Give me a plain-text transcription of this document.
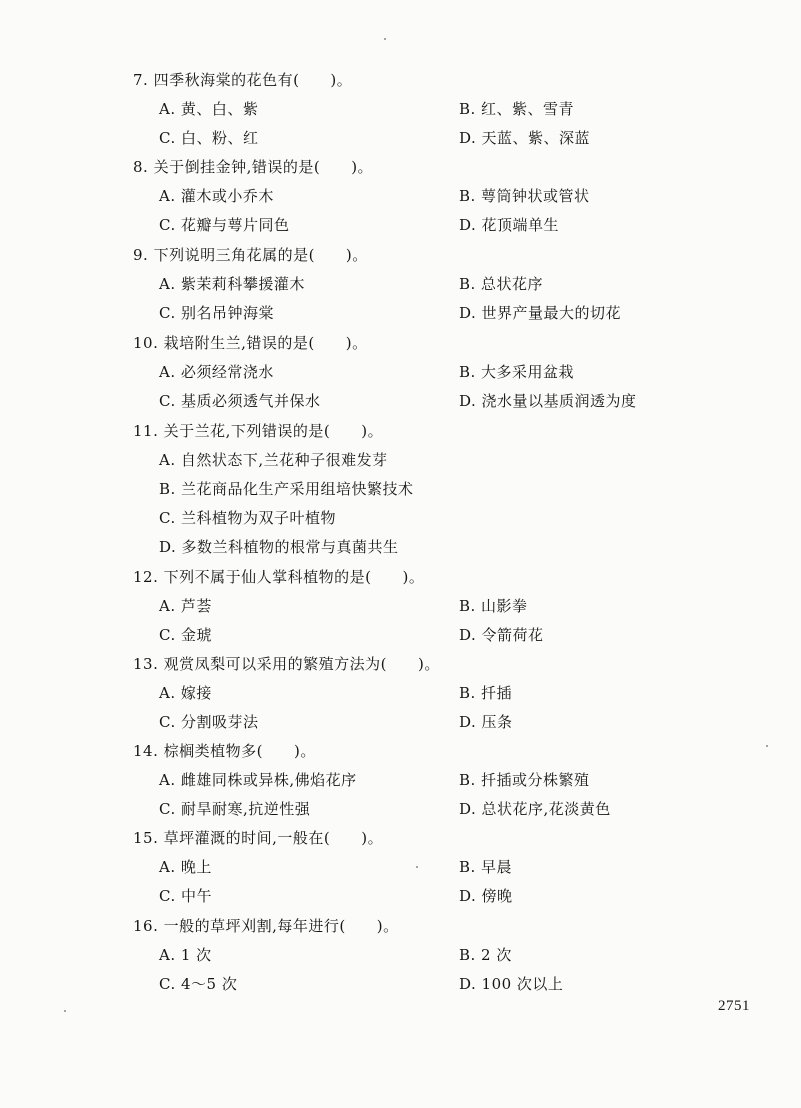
7. 四季秋海棠的花色有(　　)。
A. 黄、白、紫	B. 红、紫、雪青
C. 白、粉、红	D. 天蓝、紫、深蓝
8. 关于倒挂金钟,错误的是(　　)。
A. 灌木或小乔木	B. 萼筒钟状或管状
C. 花瓣与萼片同色	D. 花顶端单生
9. 下列说明三角花属的是(　　)。
A. 紫茉莉科攀援灌木	B. 总状花序
C. 别名吊钟海棠	D. 世界产量最大的切花
10. 栽培附生兰,错误的是(　　)。
A. 必须经常浇水	B. 大多采用盆栽
C. 基质必须透气并保水	D. 浇水量以基质润透为度
11. 关于兰花,下列错误的是(　　)。
A. 自然状态下,兰花种子很难发芽
B. 兰花商品化生产采用组培快繁技术
C. 兰科植物为双子叶植物
D. 多数兰科植物的根常与真菌共生
12. 下列不属于仙人掌科植物的是(　　)。
A. 芦荟	B. 山影拳
C. 金琥	D. 令箭荷花
13. 观赏凤梨可以采用的繁殖方法为(　　)。
A. 嫁接	B. 扦插
C. 分割吸芽法	D. 压条
14. 棕榈类植物多(　　)。
A. 雌雄同株或异株,佛焰花序	B. 扦插或分株繁殖
C. 耐旱耐寒,抗逆性强	D. 总状花序,花淡黄色
15. 草坪灌溉的时间,一般在(　　)。
A. 晚上	B. 早晨
C. 中午	D. 傍晚
16. 一般的草坪刈割,每年进行(　　)。
A. 1 次	B. 2 次
C. 4～5 次	D. 100 次以上
2751
